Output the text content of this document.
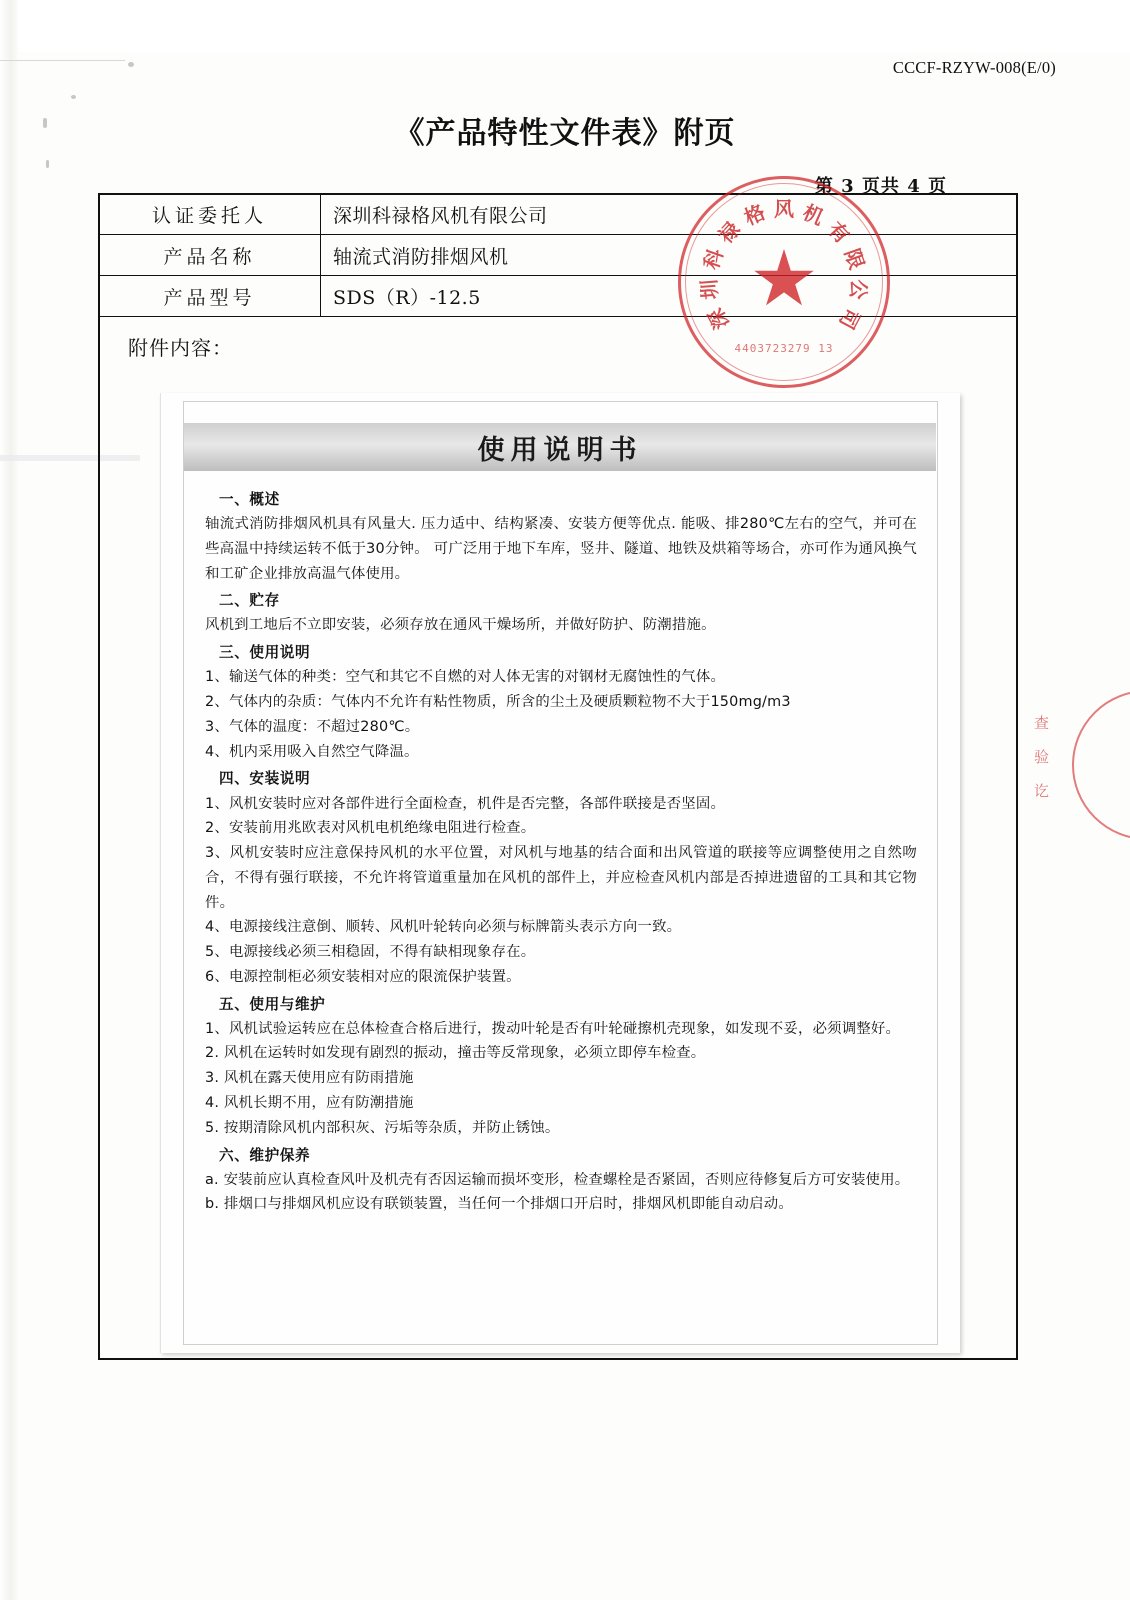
CCCF-RZYW-008(E/0)
《产品特性文件表》附页
第 3 页共 4 页
认证委托人	深圳科禄格风机有限公司
产品名称	轴流式消防排烟风机
产品型号	SDS（R）-12.5
附件内容：
使用说明书
一、概述

轴流式消防排烟风机具有风量大. 压力适中、结构紧凑、安装方便等优点. 能吸、排280℃左右的空气，并可在些高温中持续运转不低于30分钟。 可广泛用于地下车库，竖井、隧道、地铁及烘箱等场合，亦可作为通风换气和工矿企业排放高温气体使用。

二、贮存

风机到工地后不立即安装，必须存放在通风干燥场所，并做好防护、防潮措施。

三、使用说明

1、输送气体的种类：空气和其它不自燃的对人体无害的对钢材无腐蚀性的气体。

2、气体内的杂质：气体内不允许有粘性物质，所含的尘土及硬质颗粒物不大于150mg/m3

3、气体的温度：不超过280℃。

4、机内采用吸入自然空气降温。

四、安装说明

1、风机安装时应对各部件进行全面检查，机件是否完整，各部件联接是否坚固。

2、安装前用兆欧表对风机电机绝缘电阻进行检查。

3、风机安装时应注意保持风机的水平位置，对风机与地基的结合面和出风管道的联接等应调整使用之自然吻合，不得有强行联接，不允许将管道重量加在风机的部件上，并应检查风机内部是否掉进遗留的工具和其它物件。

4、电源接线注意倒、顺转、风机叶轮转向必须与标牌箭头表示方向一致。

5、电源接线必须三相稳固，不得有缺相现象存在。

6、电源控制柜必须安装相对应的限流保护装置。

五、使用与维护

1、风机试验运转应在总体检查合格后进行，拨动叶轮是否有叶轮碰擦机壳现象，如发现不妥，必须调整好。

2. 风机在运转时如发现有剧烈的振动，撞击等反常现象，必须立即停车检查。

3. 风机在露天使用应有防雨措施

4. 风机长期不用，应有防潮措施

5. 按期清除风机内部积灰、污垢等杂质，并防止锈蚀。

六、维护保养

a. 安装前应认真检查风叶及机壳有否因运输而损坏变形，检查螺栓是否紧固，否则应待修复后方可安装使用。

b. 排烟口与排烟风机应设有联锁装置，当任何一个排烟口开启时，排烟风机即能自动启动。

深
圳
科
禄
格 风 机
有
限
公
司
4403723279 13
查
验
讫
